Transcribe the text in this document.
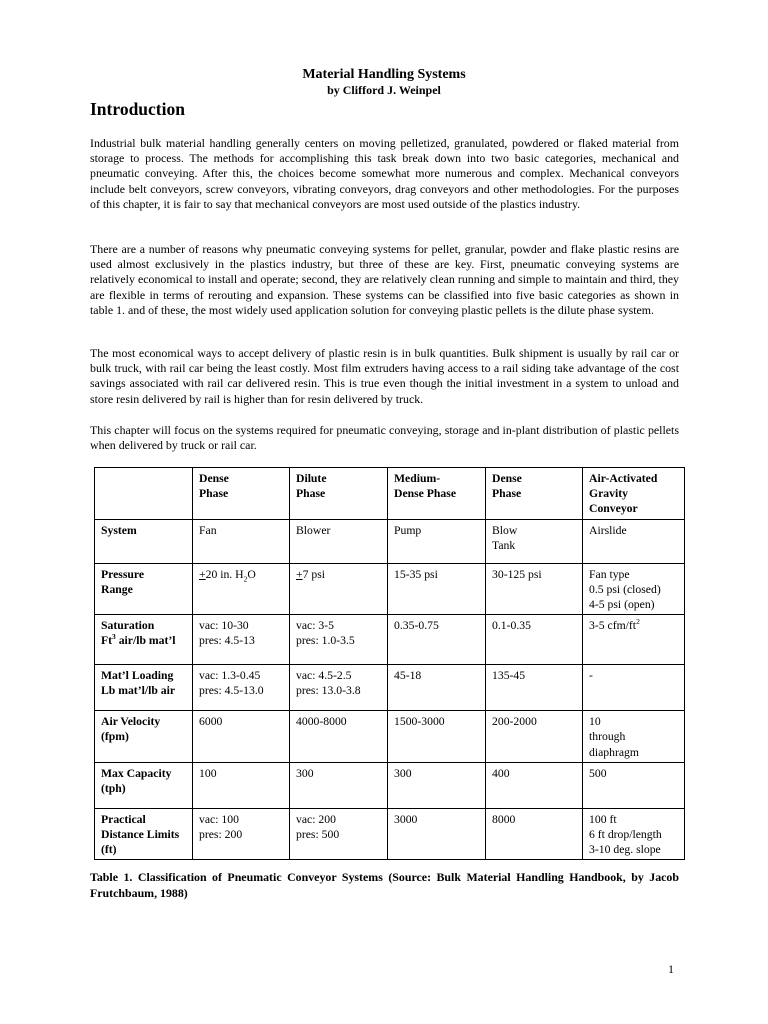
Material Handling Systems
by Clifford J. Weinpel
Introduction

Industrial bulk material handling generally centers on moving pelletized, granulated, powdered or flaked material from storage to process. The methods for accomplishing this task break down into two basic categories, mechanical and pneumatic conveying. After this, the choices become somewhat more numerous and complex. Mechanical conveyors include belt conveyors, screw conveyors, vibrating conveyors, drag conveyors and other methodologies. For the purposes of this chapter, it is fair to say that mechanical conveyors are most used outside of the plastics industry.

There are a number of reasons why pneumatic conveying systems for pellet, granular, powder and flake plastic resins are used almost exclusively in the plastics industry, but three of these are key. First, pneumatic conveying systems are relatively economical to install and operate; second, they are relatively clean running and simple to maintain and third, they are flexible in terms of rerouting and expansion. These systems can be classified into five basic categories as shown in table 1. and of these, the most widely used application solution for conveying plastic pellets is the dilute phase system.

The most economical ways to accept delivery of plastic resin is in bulk quantities. Bulk shipment is usually by rail car or bulk truck, with rail car being the least costly. Most film extruders having access to a rail siding take advantage of the cost savings associated with rail car delivered resin. This is true even though the initial investment in a system to unload and store resin delivered by rail is higher than for resin delivered by truck.

This chapter will focus on the systems required for pneumatic conveying, storage and in-plant distribution of plastic pellets when delivered by truck or rail car.

	Dense
Phase	Dilute
Phase	Medium-
Dense Phase	Dense
Phase	Air-Activated
Gravity
Conveyor
System	Fan	Blower	Pump	Blow
Tank	Airslide
Pressure
Range	+20 in. $H_2O$	+7 psi	15-35 psi	30-125 psi	Fan type
0.5 psi (closed)
4-5 psi (open)
Saturation
Ft$^3$ air/lb mat’l	vac: 10-30
pres: 4.5-13	vac: 3-5
pres: 1.0-3.5	0.35-0.75	0.1-0.35	3-5 cfm/$ft^2$
Mat’l Loading
Lb mat’l/lb air	vac: 1.3-0.45
pres: 4.5-13.0	vac: 4.5-2.5
pres: 13.0-3.8	45-18	135-45	-
Air Velocity
(fpm)	6000	4000-8000	1500-3000	200-2000	10
through
diaphragm
Max Capacity
(tph)	100	300	300	400	500
Practical
Distance Limits
(ft)	vac: 100
pres: 200	vac: 200
pres: 500	3000	8000	100 ft
6 ft drop/length
3-10 deg. slope
Table 1. Classification of Pneumatic Conveyor Systems (Source: Bulk Material Handling Handbook, by Jacob Frutchbaum, 1988)
1
